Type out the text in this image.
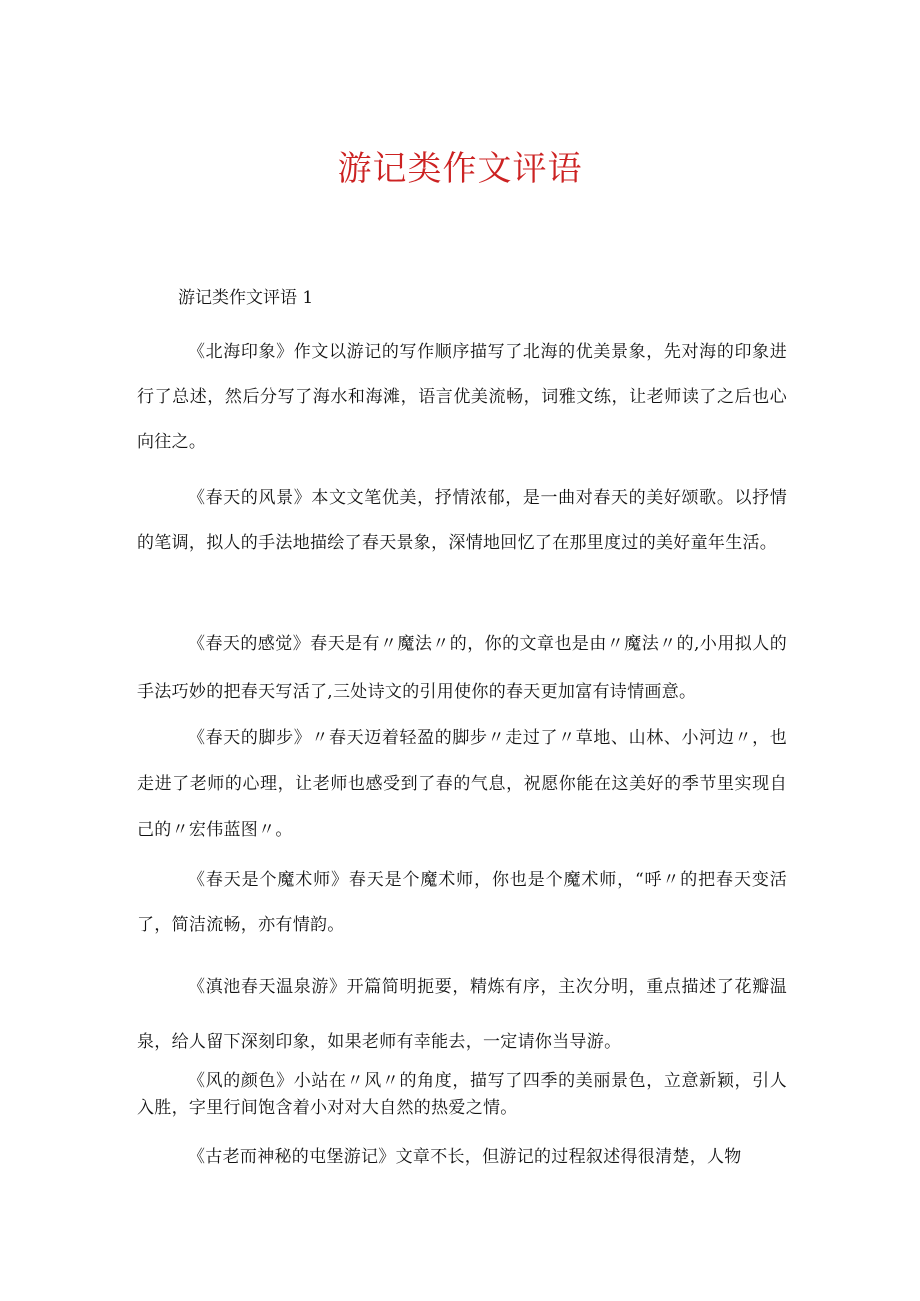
游记类作文评语

游记类作文评语 1

《北海印象》作文以游记的写作顺序描写了北海的优美景象，先对海的印象进行了总述，然后分写了海水和海滩，语言优美流畅，词雅文练，让老师读了之后也心向往之。

《春天的风景》本文文笔优美，抒情浓郁，是一曲对春天的美好颂歌。以抒情的笔调，拟人的手法地描绘了春天景象，深情地回忆了在那里度过的美好童年生活。

《春天的感觉》春天是有〃魔法〃的，你的文章也是由〃魔法〃的,小用拟人的手法巧妙的把春天写活了,三处诗文的引用使你的春天更加富有诗情画意。

《春天的脚步》〃春天迈着轻盈的脚步〃走过了〃草地、山林、小河边〃，也走进了老师的心理，让老师也感受到了春的气息，祝愿你能在这美好的季节里实现自己的〃宏伟蓝图〃。

《春天是个魔术师》春天是个魔术师，你也是个魔术师，“呼〃的把春天变活了，简洁流畅，亦有情韵。

《滇池春天温泉游》开篇简明扼要，精炼有序，主次分明，重点描述了花瓣温泉，给人留下深刻印象，如果老师有幸能去，一定请你当导游。

《风的颜色》小站在〃风〃的角度，描写了四季的美丽景色，立意新颖，引人入胜，字里行间饱含着小对对大自然的热爱之情。

《古老而神秘的屯堡游记》文章不长，但游记的过程叙述得很清楚，人物
